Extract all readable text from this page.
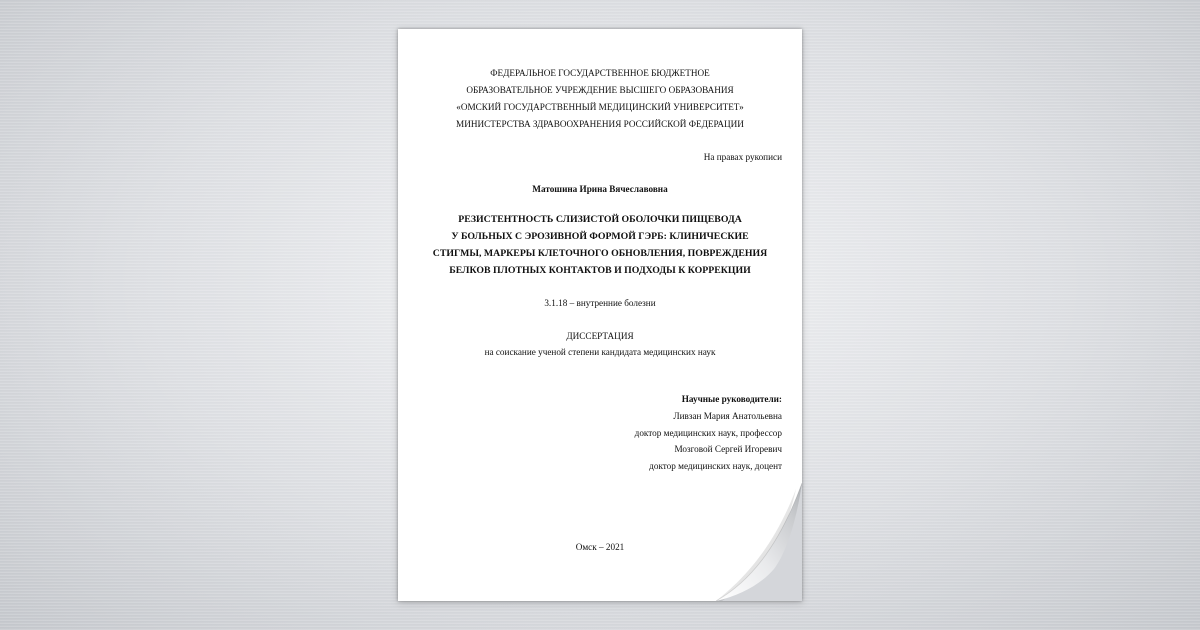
ФЕДЕРАЛЬНОЕ ГОСУДАРСТВЕННОЕ БЮДЖЕТНОЕ
ОБРАЗОВАТЕЛЬНОЕ УЧРЕЖДЕНИЕ ВЫСШЕГО ОБРАЗОВАНИЯ
«ОМСКИЙ ГОСУДАРСТВЕННЫЙ МЕДИЦИНСКИЙ УНИВЕРСИТЕТ»
МИНИСТЕРСТВА ЗДРАВООХРАНЕНИЯ РОССИЙСКОЙ ФЕДЕРАЦИИ
На правах рукописи
Матошина Ирина Вячеславовна
РЕЗИСТЕНТНОСТЬ СЛИЗИСТОЙ ОБОЛОЧКИ ПИЩЕВОДА
У БОЛЬНЫХ С ЭРОЗИВНОЙ ФОРМОЙ ГЭРБ: КЛИНИЧЕСКИЕ
СТИГМЫ, МАРКЕРЫ КЛЕТОЧНОГО ОБНОВЛЕНИЯ, ПОВРЕЖДЕНИЯ
БЕЛКОВ ПЛОТНЫХ КОНТАКТОВ И ПОДХОДЫ К КОРРЕКЦИИ
3.1.18 – внутренние болезни
ДИССЕРТАЦИЯ
на соискание ученой степени кандидата медицинских наук
Научные руководители:
Ливзан Мария Анатольевна
доктор медицинских наук, профессор
Мозговой Сергей Игоревич
доктор медицинских наук, доцент
Омск – 2021
